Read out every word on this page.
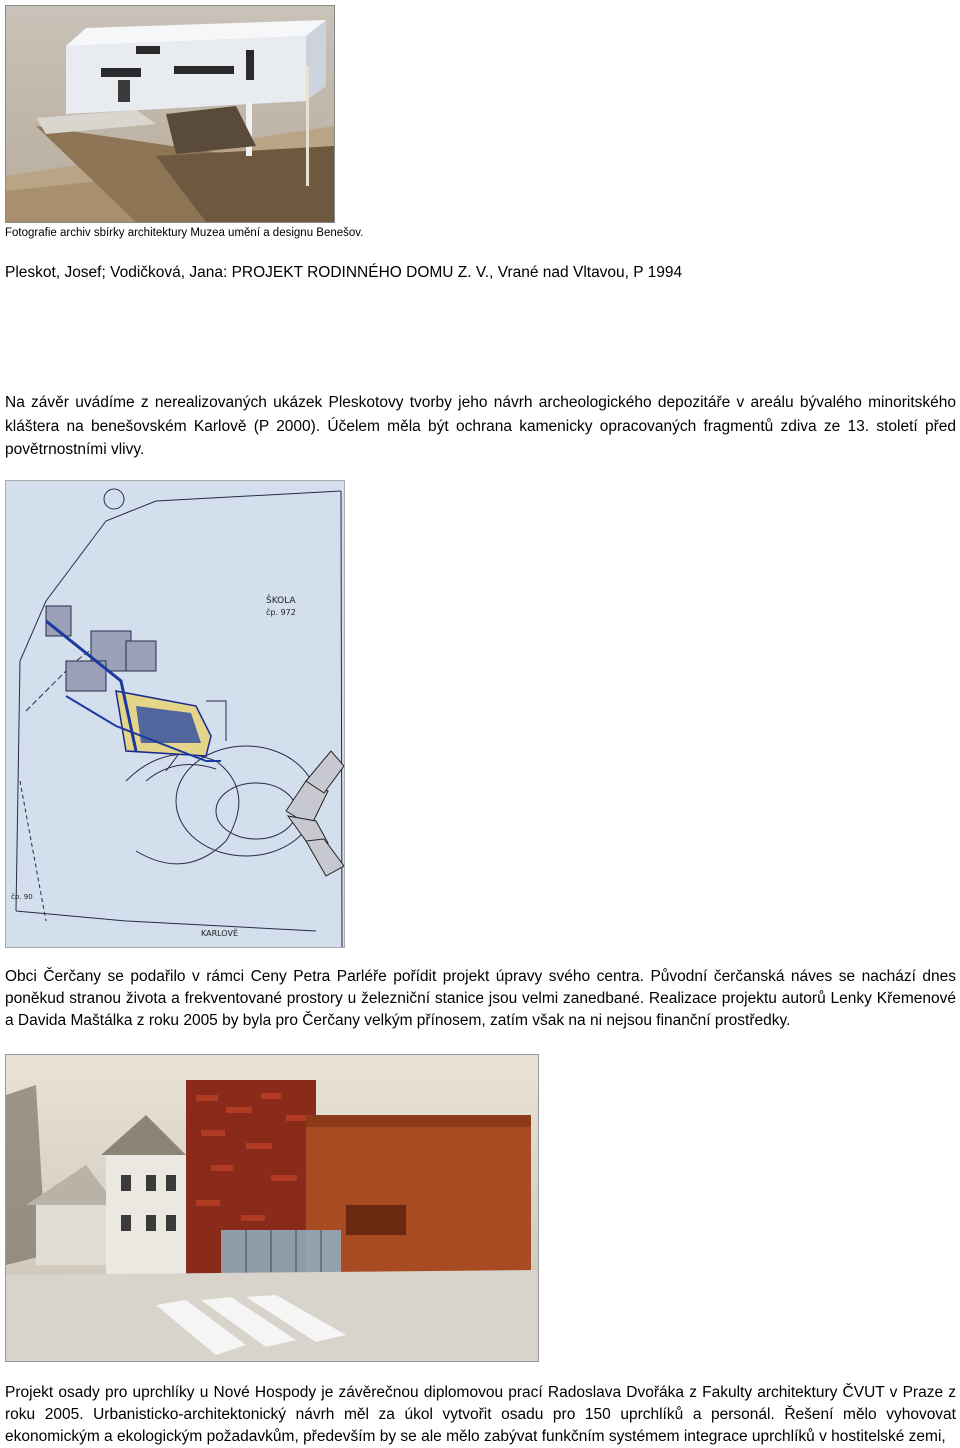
Fotografie archiv sbírky architektury Muzea umění a designu Benešov.
Pleskot, Josef; Vodičková, Jana: PROJEKT RODINNÉHO DOMU Z. V., Vrané nad Vltavou, P 1994
Na závěr uvádíme z nerealizovaných ukázek Pleskotovy tvorby jeho návrh archeologického depozitáře v areálu bývalého minoritského kláštera na benešovském Karlově (P 2000). Účelem měla být ochrana kamenicky opracovaných fragmentů zdiva ze 13. století před povětrnostními vlivy.
ŠKOLA
čp. 972
KARLOVĚ
čp. 90
Obci Čerčany se podařilo v rámci Ceny Petra Parléře pořídit projekt úpravy svého centra. Původní čerčanská náves se nachází dnes poněkud stranou života a frekventované prostory u železniční stanice jsou velmi zanedbané. Realizace projektu autorů Lenky Křemenové a Davida Maštálka z roku 2005 by byla pro Čerčany velkým přínosem, zatím však na ni nejsou finanční prostředky.
Projekt osady pro uprchlíky u Nové Hospody je závěrečnou diplomovou prací Radoslava Dvořáka z Fakulty architektury ČVUT v Praze z roku 2005. Urbanisticko-architektonický návrh měl za úkol vytvořit osadu pro 150 uprchlíků a personál. Řešení mělo vyhovovat ekonomickým a ekologickým požadavkům, především by se ale mělo zabývat funkčním systémem integrace uprchlíků v hostitelské zemi,
